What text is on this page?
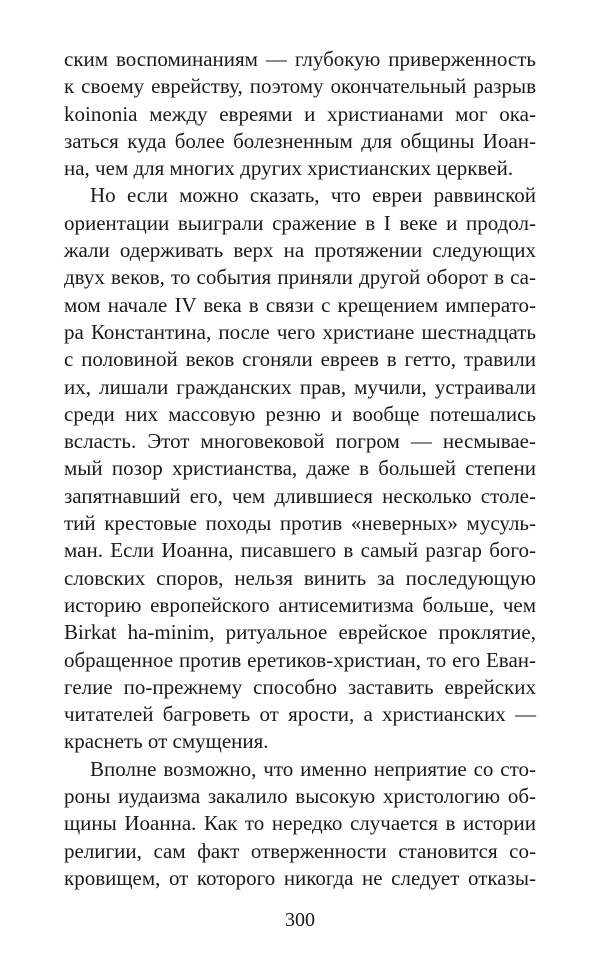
ским воспоминаниям — глубокую приверженность
к своему еврейству, поэтому окончательный разрыв
koinonia между евреями и христианами мог ока-
заться куда более болезненным для общины Иоан-
на, чем для многих других христианских церквей.
Но если можно сказать, что евреи раввинской
ориентации выиграли сражение в I веке и продол-
жали одерживать верх на протяжении следующих
двух веков, то события приняли другой оборот в са-
мом начале IV века в связи с крещением императо-
ра Константина, после чего христиане шестнадцать
с половиной веков сгоняли евреев в гетто, травили
их, лишали гражданских прав, мучили, устраивали
среди них массовую резню и вообще потешались
всласть. Этот многовековой погром — несмывае-
мый позор христианства, даже в большей степени
запятнавший его, чем длившиеся несколько столе-
тий крестовые походы против «неверных» мусуль-
ман. Если Иоанна, писавшего в самый разгар бого-
словских споров, нельзя винить за последующую
историю европейского антисемитизма больше, чем
Birkat ha-minim, ритуальное еврейское проклятие,
обращенное против еретиков-христиан, то его Еван-
гелие по-прежнему способно заставить еврейских
читателей багроветь от ярости, а христианских —
краснеть от смущения.
Вполне возможно, что именно неприятие со сто-
роны иудаизма закалило высокую христологию об-
щины Иоанна. Как то нередко случается в истории
религии, сам факт отверженности становится со-
кровищем, от которого никогда не следует отказы-
300
